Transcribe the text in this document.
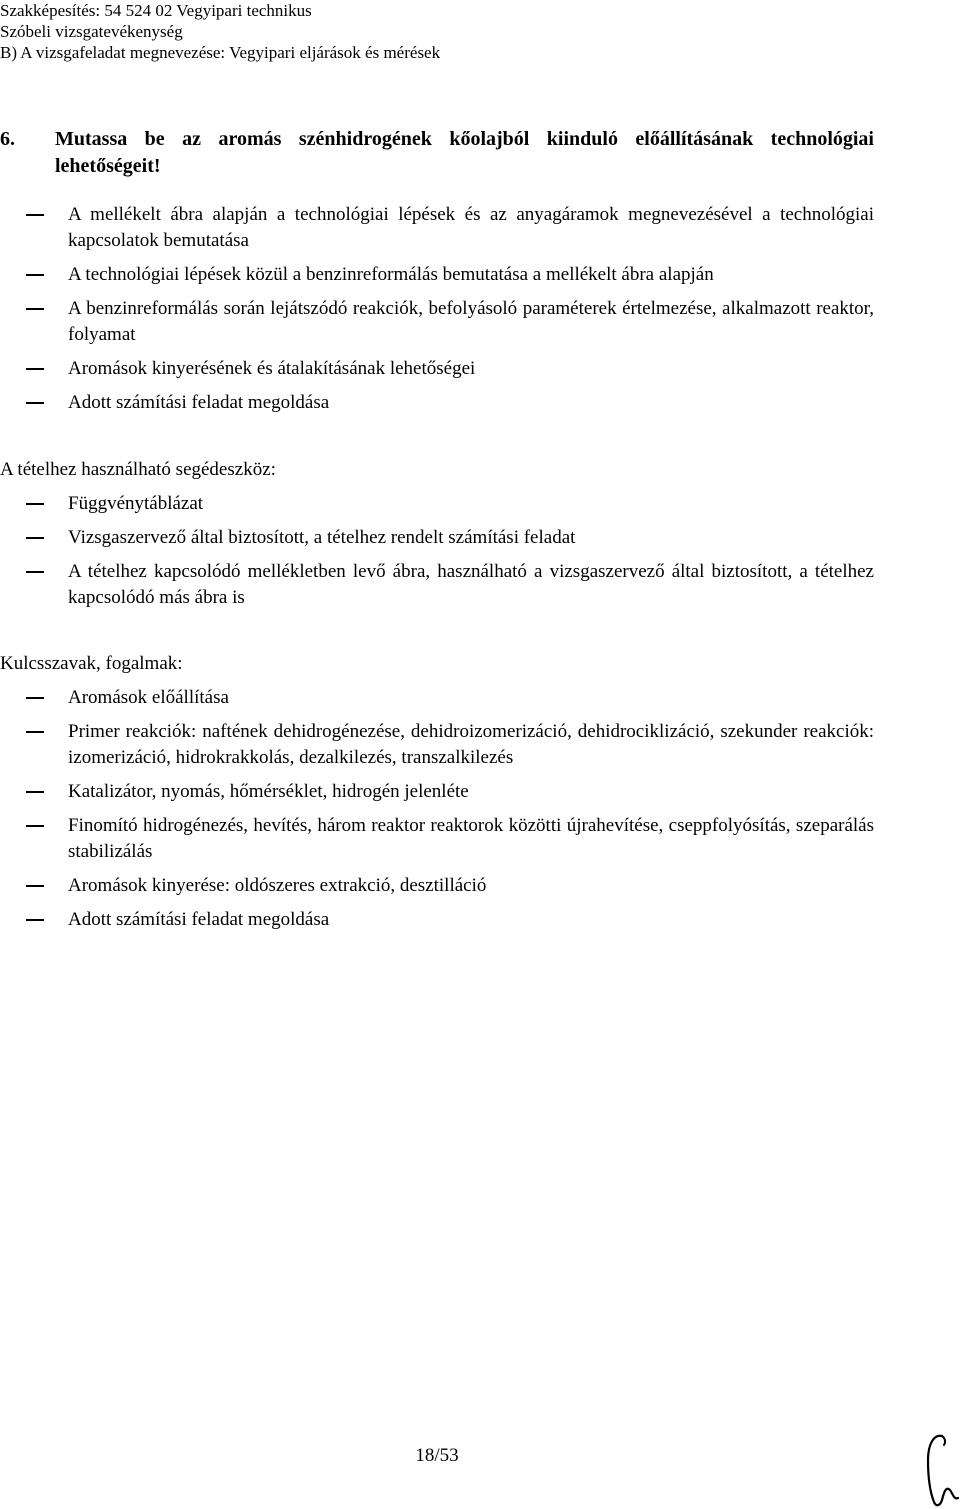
Szakképesítés: 54 524 02 Vegyipari technikus
Szóbeli vizsgatevékenység
B) A vizsgafeladat megnevezése: Vegyipari eljárások és mérések
6. Mutassa be az aromás szénhidrogének kőolajból kiinduló előállításának technológiai lehetőségeit!
A mellékelt ábra alapján a technológiai lépések és az anyagáramok megnevezésével a technológiai kapcsolatok bemutatása
A technológiai lépések közül a benzinreformálás bemutatása a mellékelt ábra alapján
A benzinreformálás során lejátszódó reakciók, befolyásoló paraméterek értelmezése, alkalmazott reaktor, folyamat
Aromások kinyerésének és átalakításának lehetőségei
Adott számítási feladat megoldása
A tételhez használható segédeszköz:
Függvénytáblázat
Vizsgaszervező által biztosított, a tételhez rendelt számítási feladat
A tételhez kapcsolódó mellékletben levő ábra, használható a vizsgaszervező által biztosított, a tételhez kapcsolódó más ábra is
Kulcsszavak, fogalmak:
Aromások előállítása
Primer reakciók: naftének dehidrogénezése, dehidroizomerizáció, dehidrociklizáció, szekunder reakciók: izomerizáció, hidrokrakkolás, dezalkilezés, transzalkilezés
Katalizátor, nyomás, hőmérséklet, hidrogén jelenléte
Finomító hidrogénezés, hevítés, három reaktor reaktorok közötti újrahevítése, cseppfolyósítás, szeparálás stabilizálás
Aromások kinyerése: oldószeres extrakció, desztilláció
Adott számítási feladat megoldása
18/53
